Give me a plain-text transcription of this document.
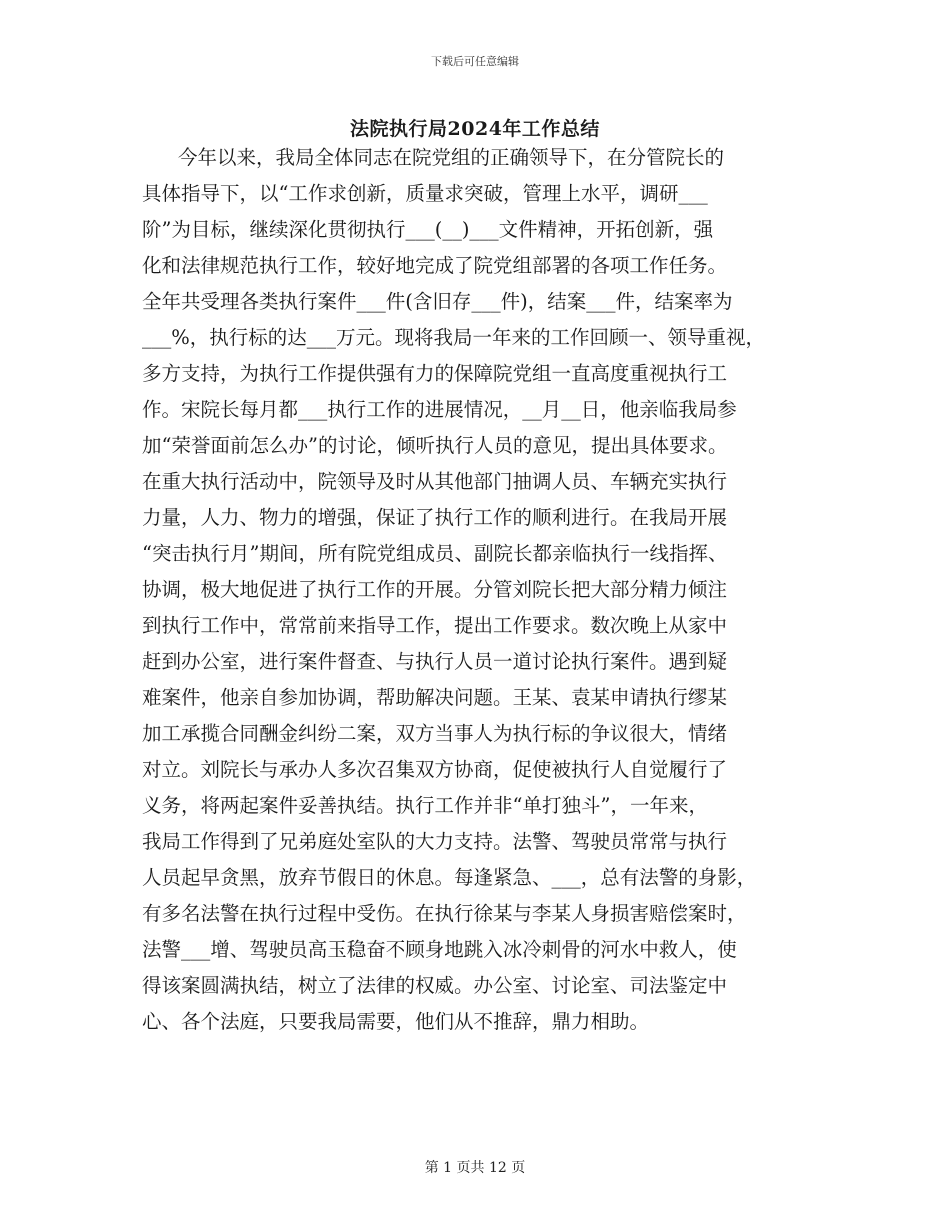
下载后可任意编辑
法院执行局2024年工作总结
今年以来，我局全体同志在院党组的正确领导下，在分管院长的
具体指导下，以“工作求创新，质量求突破，管理上水平，调研___
阶”为目标，继续深化贯彻执行___(__)___文件精神，开拓创新，强
化和法律规范执行工作，较好地完成了院党组部署的各项工作任务。
全年共受理各类执行案件___件(含旧存___件)，结案___件，结案率为
___%，执行标的达___万元。现将我局一年来的工作回顾一、领导重视，
多方支持，为执行工作提供强有力的保障院党组一直高度重视执行工
作。宋院长每月都___执行工作的进展情况，__月__日，他亲临我局参
加“荣誉面前怎么办”的讨论，倾听执行人员的意见，提出具体要求。
在重大执行活动中，院领导及时从其他部门抽调人员、车辆充实执行
力量，人力、物力的增强，保证了执行工作的顺利进行。在我局开展
“突击执行月”期间，所有院党组成员、副院长都亲临执行一线指挥、
协调，极大地促进了执行工作的开展。分管刘院长把大部分精力倾注
到执行工作中，常常前来指导工作，提出工作要求。数次晚上从家中
赶到办公室，进行案件督查、与执行人员一道讨论执行案件。遇到疑
难案件，他亲自参加协调，帮助解决问题。王某、袁某申请执行缪某
加工承揽合同酬金纠纷二案，双方当事人为执行标的争议很大，情绪
对立。刘院长与承办人多次召集双方协商，促使被执行人自觉履行了
义务，将两起案件妥善执结。执行工作并非“单打独斗”，一年来，
我局工作得到了兄弟庭处室队的大力支持。法警、驾驶员常常与执行
人员起早贪黑，放弃节假日的休息。每逢紧急、___，总有法警的身影，
有多名法警在执行过程中受伤。在执行徐某与李某人身损害赔偿案时，
法警___增、驾驶员高玉稳奋不顾身地跳入冰冷刺骨的河水中救人，使
得该案圆满执结，树立了法律的权威。办公室、讨论室、司法鉴定中
心、各个法庭，只要我局需要，他们从不推辞，鼎力相助。
第 1 页共 12 页
